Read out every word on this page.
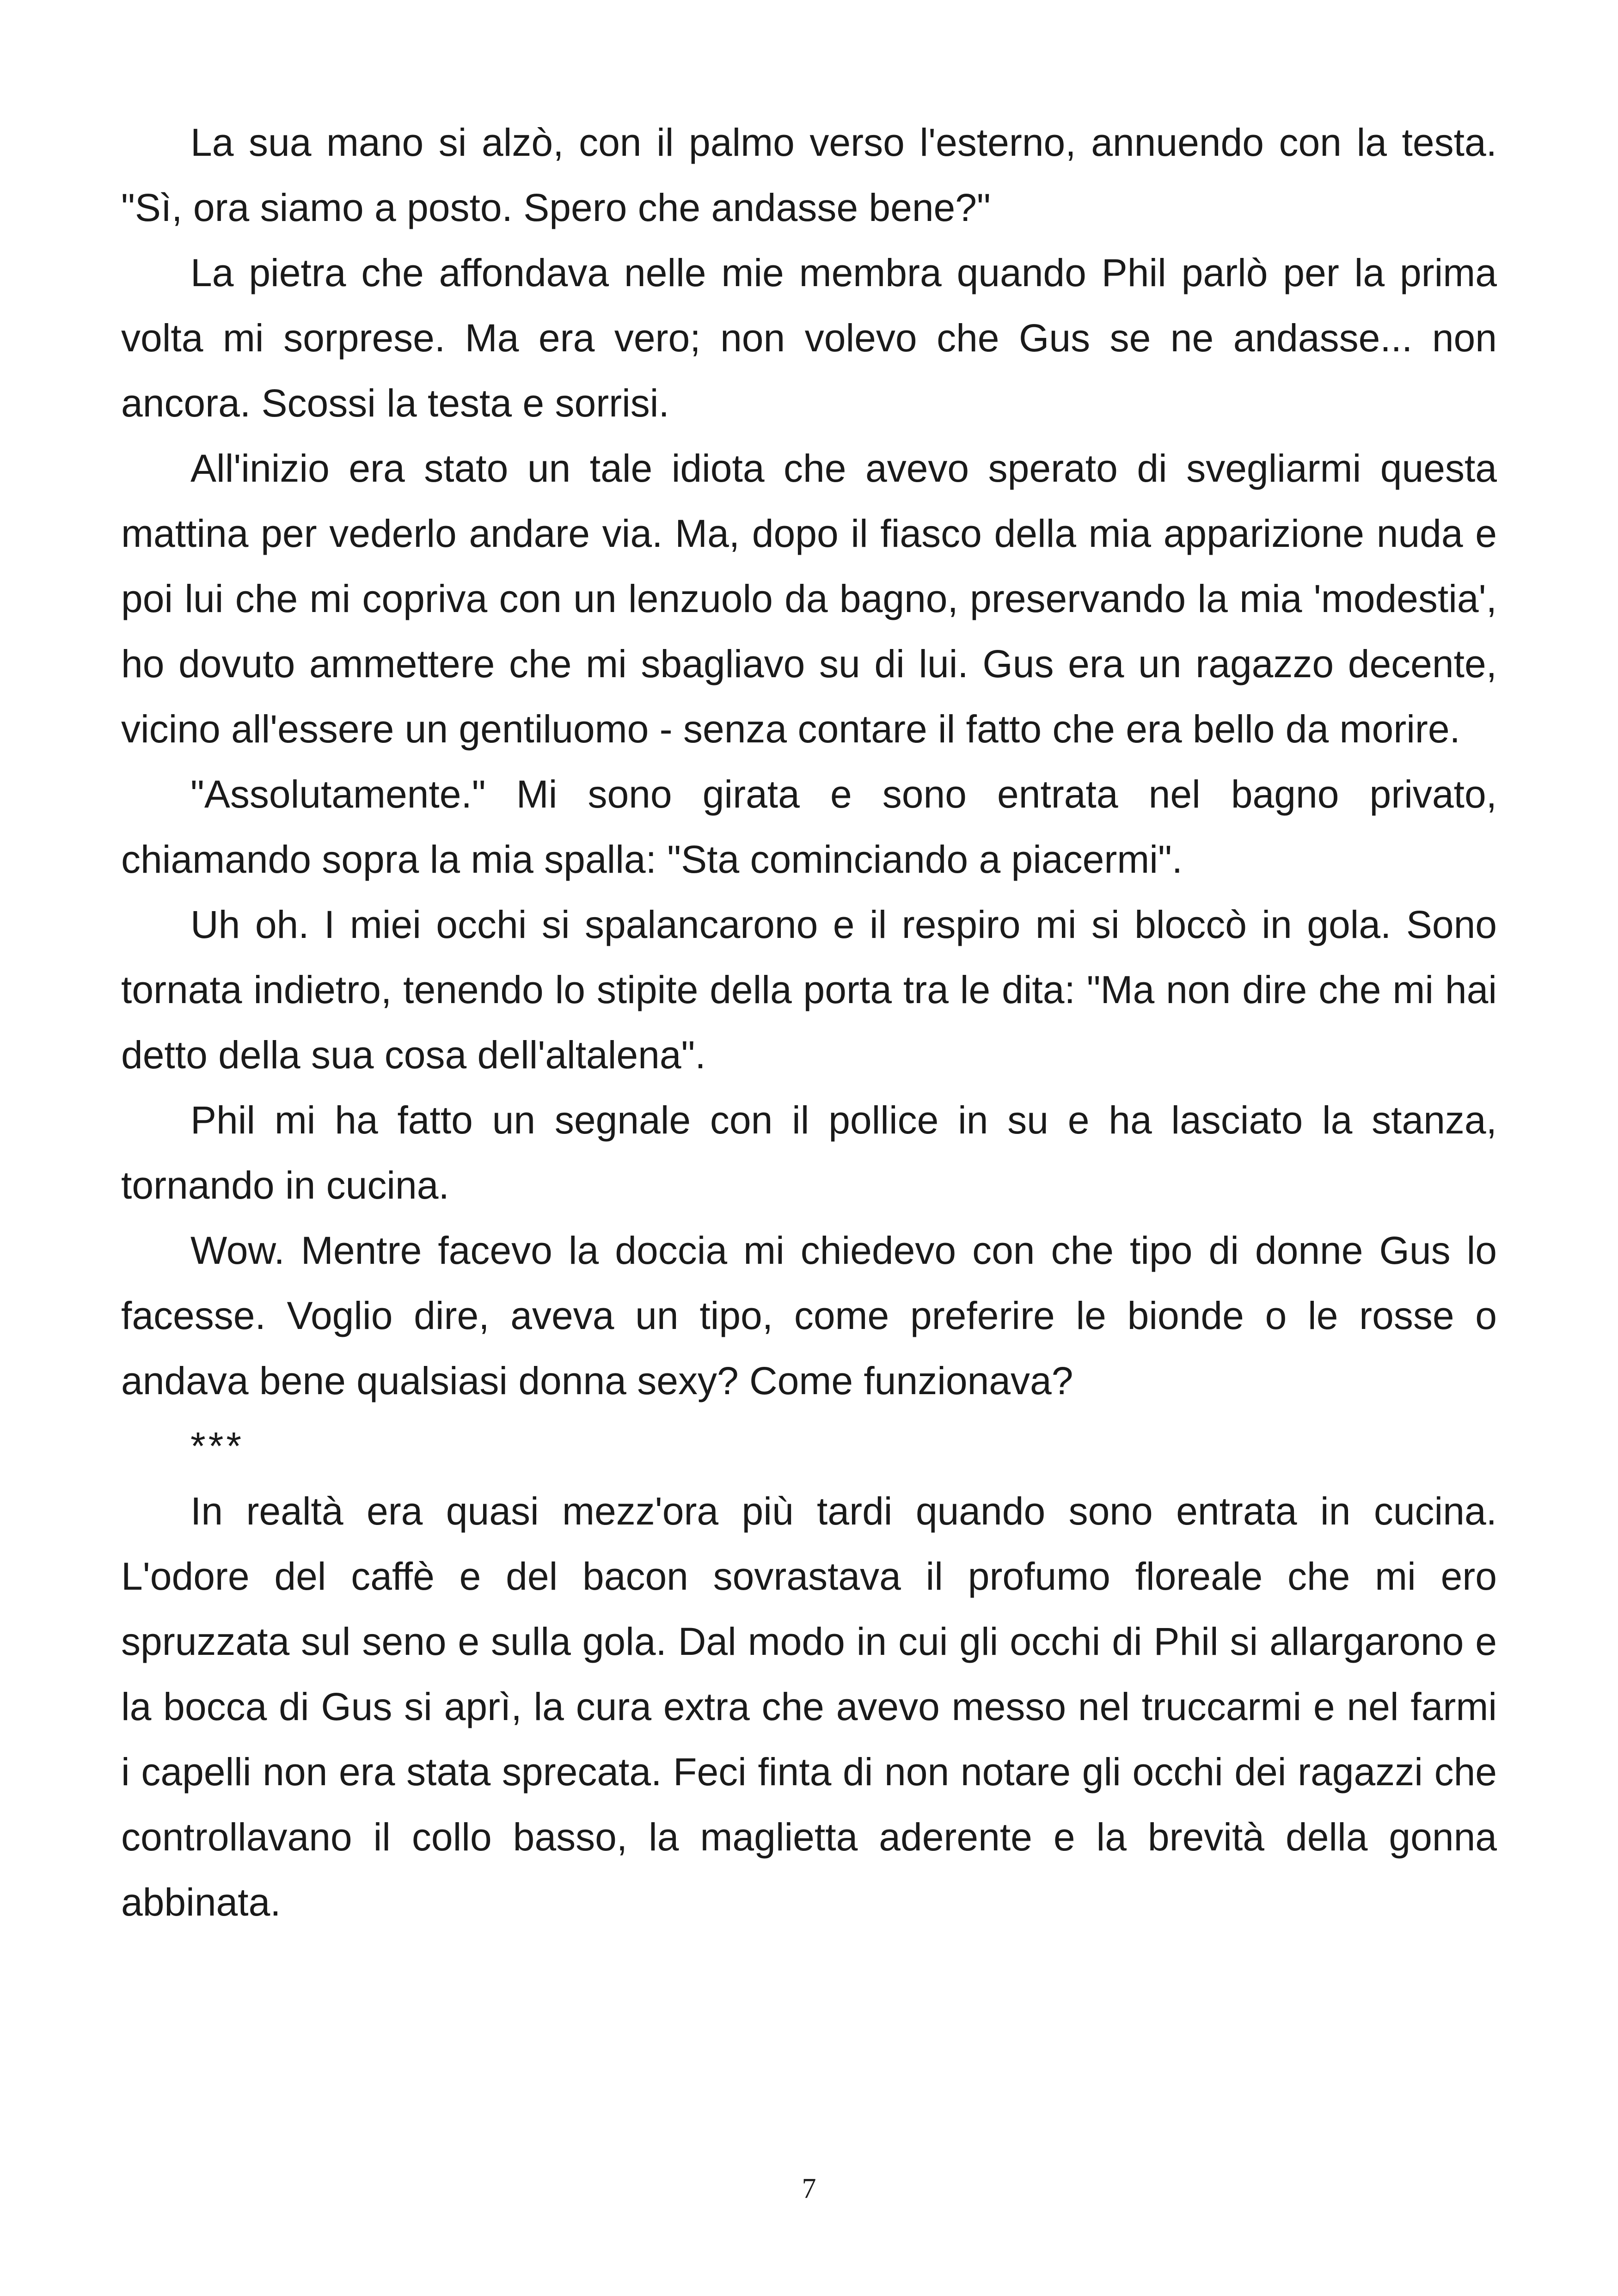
La sua mano si alzò, con il palmo verso l'esterno, annuendo con la testa. "Sì, ora siamo a posto. Spero che andasse bene?"

La pietra che affondava nelle mie membra quando Phil parlò per la prima volta mi sorprese. Ma era vero; non volevo che Gus se ne andasse... non ancora. Scossi la testa e sorrisi.

All'inizio era stato un tale idiota che avevo sperato di svegliarmi questa mattina per vederlo andare via. Ma, dopo il fiasco della mia apparizione nuda e poi lui che mi copriva con un lenzuolo da bagno, preservando la mia 'modestia', ho dovuto ammettere che mi sbagliavo su di lui. Gus era un ragazzo decente, vicino all'essere un gentiluomo - senza contare il fatto che era bello da morire.

"Assolutamente." Mi sono girata e sono entrata nel bagno privato, chiamando sopra la mia spalla: "Sta cominciando a piacermi".

Uh oh. I miei occhi si spalancarono e il respiro mi si bloccò in gola. Sono tornata indietro, tenendo lo stipite della porta tra le dita: "Ma non dire che mi hai detto della sua cosa dell'altalena".

Phil mi ha fatto un segnale con il pollice in su e ha lasciato la stanza, tornando in cucina.

Wow. Mentre facevo la doccia mi chiedevo con che tipo di donne Gus lo facesse. Voglio dire, aveva un tipo, come preferire le bionde o le rosse o andava bene qualsiasi donna sexy? Come funzionava?

***

In realtà era quasi mezz'ora più tardi quando sono entrata in cucina. L'odore del caffè e del bacon sovrastava il profumo floreale che mi ero spruzzata sul seno e sulla gola. Dal modo in cui gli occhi di Phil si allargarono e la bocca di Gus si aprì, la cura extra che avevo messo nel truccarmi e nel farmi i capelli non era stata sprecata. Feci finta di non notare gli occhi dei ragazzi che controllavano il collo basso, la maglietta aderente e la brevità della gonna abbinata.

7
